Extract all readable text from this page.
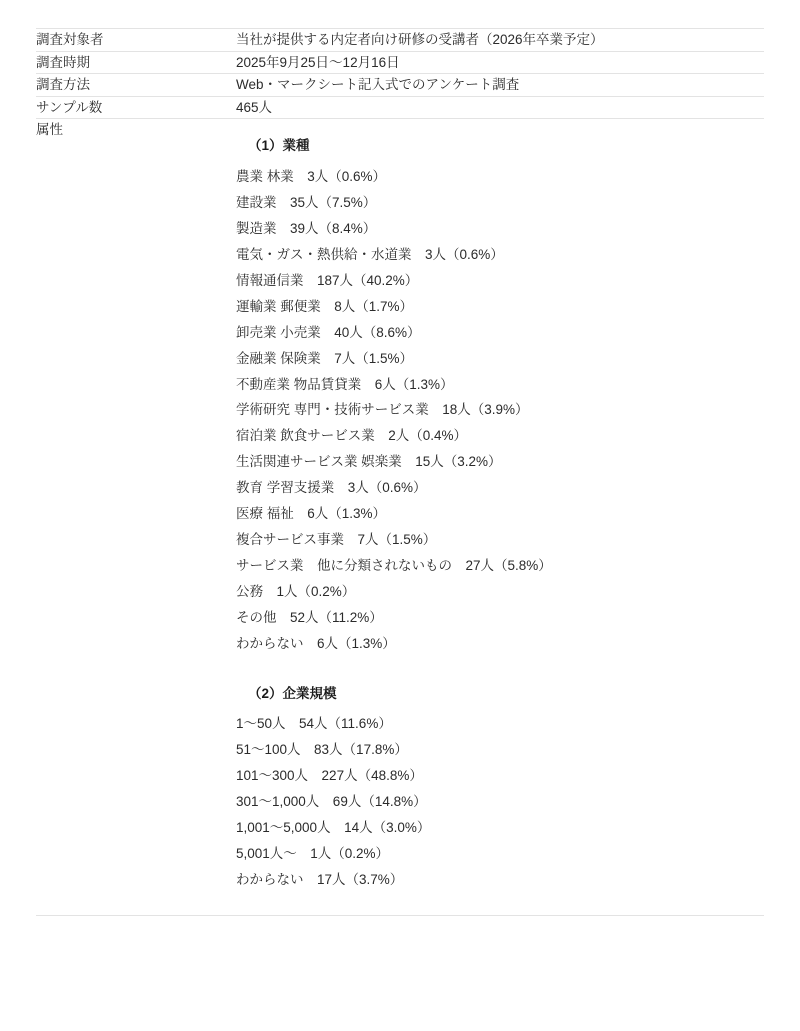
調査対象者	当社が提供する内定者向け研修の受講者（2026年卒業予定）

調査時期	2025年9月25日〜12月16日

調査方法	Web・マークシート記入式でのアンケート調査

サンプル数	465人

属性	
（1）業種
農業 林業　3人（0.6%）
建設業　35人（7.5%）
製造業　39人（8.4%）
電気・ガス・熱供給・水道業　3人（0.6%）
情報通信業　187人（40.2%）
運輸業 郵便業　8人（1.7%）
卸売業 小売業　40人（8.6%）
金融業 保険業　7人（1.5%）
不動産業 物品賃貸業　6人（1.3%）
学術研究 専門・技術サービス業　18人（3.9%）
宿泊業 飲食サービス業　2人（0.4%）
生活関連サービス業 娯楽業　15人（3.2%）
教育 学習支援業　3人（0.6%）
医療 福祉　6人（1.3%）
複合サービス事業　7人（1.5%）
サービス業　他に分類されないもの　27人（5.8%）
公務　1人（0.2%）
その他　52人（11.2%）
わからない　6人（1.3%）
（2）企業規模
1〜50人　54人（11.6%）
51〜100人　83人（17.8%）
101〜300人　227人（48.8%）
301〜1,000人　69人（14.8%）
1,001〜5,000人　14人（3.0%）
5,001人〜　1人（0.2%）
わからない　17人（3.7%）
